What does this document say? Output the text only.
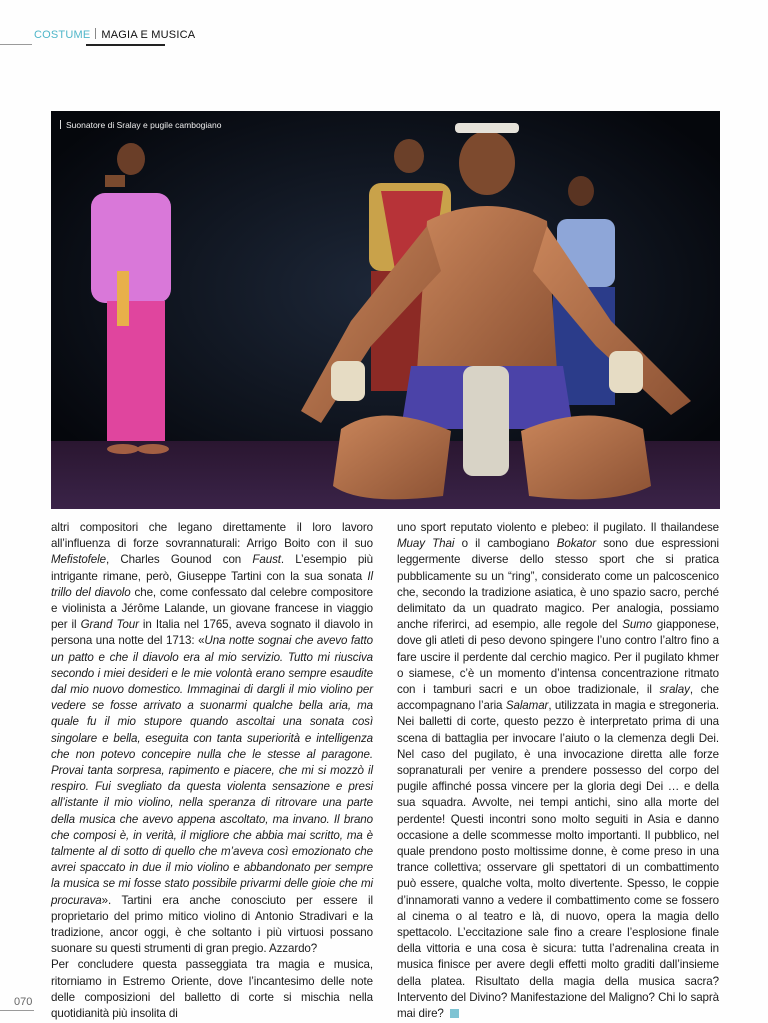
COSTUME MAGIA E MUSICA
Suonatore di Sralay e pugile cambogiano

altri compositori che legano direttamente il loro lavoro all’influenza di forze sovrannaturali: Arrigo Boito con il suo Mefistofele, Charles Gounod con Faust. L’esempio più intrigante rimane, però, Giuseppe Tartini con la sua sonata Il trillo del diavolo che, come confessato dal celebre compositore e violinista a Jérôme Lalande, un giovane francese in viaggio per il Grand Tour in Italia nel 1765, aveva sognato il diavolo in persona una notte del 1713: «Una notte sognai che avevo fatto un patto e che il diavolo era al mio servizio. Tutto mi riusciva secondo i miei desideri e le mie volontà erano sempre esaudite dal mio nuovo domestico. Immaginai di dargli il mio violino per vedere se fosse arrivato a suonarmi qualche bella aria, ma quale fu il mio stupore quando ascoltai una sonata così singolare e bella, eseguita con tanta superiorità e intelligenza che non potevo concepire nulla che le stesse al paragone. Provai tanta sorpresa, rapimento e piacere, che mi si mozzò il respiro. Fui svegliato da questa violenta sensazione e presi all’istante il mio violino, nella speranza di ritrovare una parte della musica che avevo appena ascoltato, ma invano. Il brano che composi è, in verità, il migliore che abbia mai scritto, ma è talmente al di sotto di quello che m’aveva così emozionato che avrei spaccato in due il mio violino e abbandonato per sempre la musica se mi fosse stato possibile privarmi delle gioie che mi procurava». Tartini era anche conosciuto per essere il proprietario del primo mitico violino di Antonio Stradivari e la tradizione, ancor oggi, è che soltanto i più virtuosi possano suonare su questi strumenti di gran pregio. Azzardo?
Per concludere questa passeggiata tra magia e musica, ritorniamo in Estremo Oriente, dove l’incantesimo delle note delle composizioni del balletto di corte si mischia nella quotidianità più insolita di

uno sport reputato violento e plebeo: il pugilato. Il thailandese Muay Thai o il cambogiano Bokator sono due espressioni leggermente diverse dello stesso sport che si pratica pubblicamente su un “ring”, considerato come un palcoscenico che, secondo la tradizione asiatica, è uno spazio sacro, perché delimitato da un quadrato magico. Per analogia, possiamo anche riferirci, ad esempio, alle regole del Sumo giapponese, dove gli atleti di peso devono spingere l’uno contro l’altro fino a fare uscire il perdente dal cerchio magico. Per il pugilato khmer o siamese, c’è un momento d’intensa concentrazione ritmato con i tamburi sacri e un oboe tradizionale, il sralay, che accompagnano l’aria Salamar, utilizzata in magia e stregoneria. Nei balletti di corte, questo pezzo è interpretato prima di una scena di battaglia per invocare l’aiuto o la clemenza degli Dei. Nel caso del pugilato, è una invocazione diretta alle forze sopranaturali per venire a prendere possesso del corpo del pugile affinché possa vincere per la gloria degi Dei … e della sua squadra. Avvolte, nei tempi antichi, sino alla morte del perdente! Questi incontri sono molto seguiti in Asia e danno occasione a delle scommesse molto importanti. Il pubblico, nel quale prendono posto moltissime donne, è come preso in una trance collettiva; osservare gli spettatori di un combattimento può essere, qualche volta, molto divertente. Spesso, le coppie d’innamorati vanno a vedere il combattimento come se fossero al cinema o al teatro e là, di nuovo, opera la magia dello spettacolo. L’eccitazione sale fino a creare l’esplosione finale della vittoria e una cosa è sicura: tutta l’adrenalina creata in musica finisce per avere degli effetti molto graditi dall’insieme della platea. Risultato della magia della musica sacra? Intervento del Divino? Manifestazione del Maligno? Chi lo saprà mai dire?

070
